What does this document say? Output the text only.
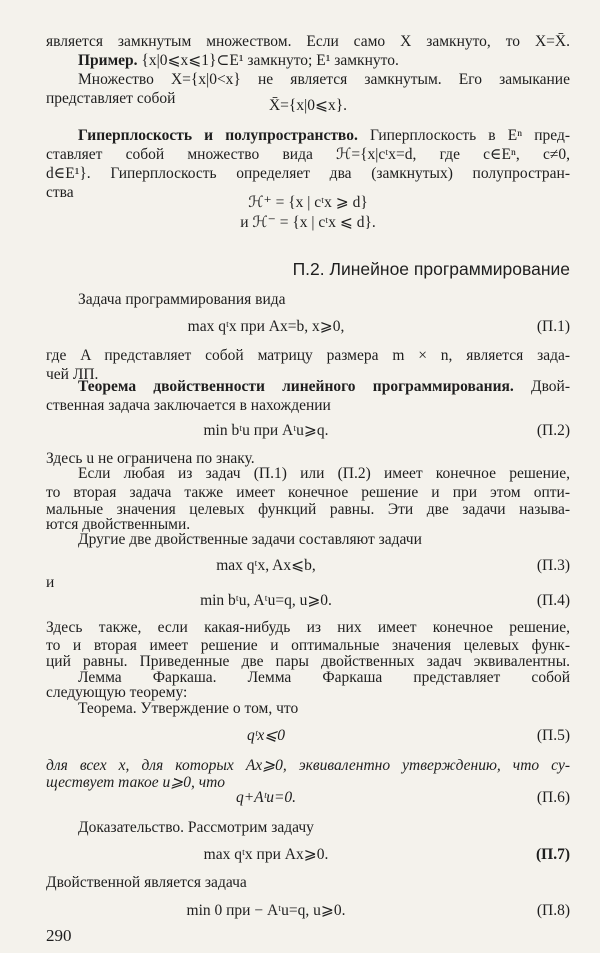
является замкнутым множеством. Если само X замкнуто, то X=X̄.
Пример. {x|0⩽x⩽1}⊂E¹ замкнуто; E¹ замкнуто.
Множество X={x|0<x} не является замкнутым. Его замыкание
представляет собой	X̄={x|0⩽x}.
Гиперплоскость и полупространство. Гиперплоскость в Eⁿ пред-
ставляет собой множество вида ℋ={x|cᵗx=d, где c∈Eⁿ, c≠0,
d∈E¹}. Гиперплоскость определяет два (замкнутых) полупростран-
ства
ℋ⁺ = {x | cᵗx ⩾ d}
и ℋ⁻ = {x | cᵗx ⩽ d}.
П.2. Линейное программирование
Задача программирования вида
max qᵗx при Ax=b, x⩾0,	(П.1)
где A представляет собой матрицу размера m × n, является зада-
чей ЛП.
Теорема двойственности линейного программирования. Двой-
ственная задача заключается в нахождении
min bᵗu при Aᵗu⩾q.	(П.2)
Здесь u не ограничена по знаку.
Если любая из задач (П.1) или (П.2) имеет конечное решение,
то вторая задача также имеет конечное решение и при этом опти-
мальные значения целевых функций равны. Эти две задачи называ-
ются двойственными.
Другие две двойственные задачи составляют задачи
max qᵗx, Ax⩽b,	(П.3)
и
min bᵗu, Aᵗu=q, u⩾0.	(П.4)
Здесь также, если какая-нибудь из них имеет конечное решение,
то и вторая имеет решение и оптимальные значения целевых функ-
ций равны. Приведенные две пары двойственных задач эквивалентны.
Лемма Фаркаша. Лемма Фаркаша представляет собой
следующую теорему:
Теорема. Утверждение о том, что
qᵗx⩽0	(П.5)
для всех x, для которых Ax⩾0, эквивалентно утверждению, что су-
ществует такое u⩾0, что
q+Aᵗu=0.	(П.6)
Доказательство. Рассмотрим задачу
max qᵗx при Ax⩾0.	(П.7)
Двойственной является задача
min 0 при − Aᵗu=q, u⩾0.	(П.8)
290
